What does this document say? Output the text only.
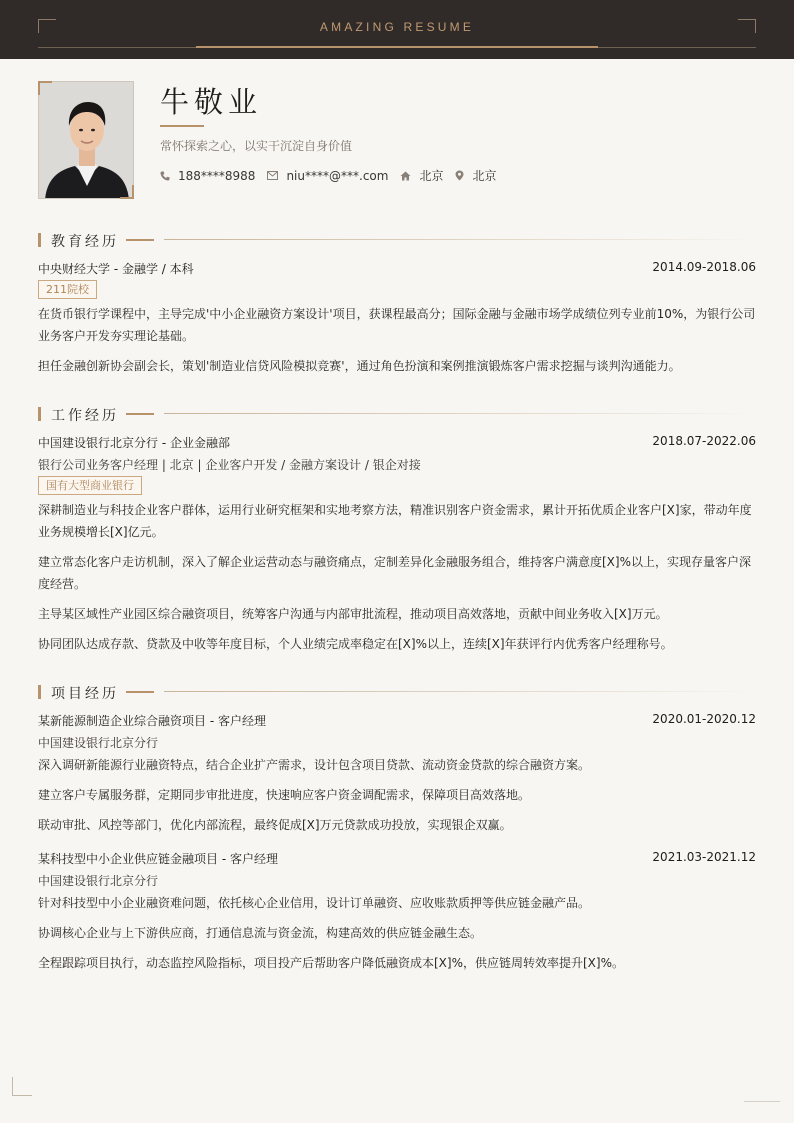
AMAZING RESUME
牛敬业
常怀探索之心，以实干沉淀自身价值
188****8988	niu****@***.com	北京 北京
教育经历
中央财经大学 - 金融学 / 本科	2014.09-2018.06
211院校
在货币银行学课程中，主导完成'中小企业融资方案设计'项目，获课程最高分；国际金融与金融市场学成绩位列专业前10%，为银行公司业务客户开发夯实理论基础。
担任金融创新协会副会长，策划'制造业信贷风险模拟竞赛'，通过角色扮演和案例推演锻炼客户需求挖掘与谈判沟通能力。
工作经历
中国建设银行北京分行 - 企业金融部	2018.07-2022.06
银行公司业务客户经理 | 北京 | 企业客户开发 / 金融方案设计 / 银企对接
国有大型商业银行
深耕制造业与科技企业客户群体，运用行业研究框架和实地考察方法，精准识别客户资金需求，累计开拓优质企业客户[X]家，带动年度业务规模增长[X]亿元。
建立常态化客户走访机制，深入了解企业运营动态与融资痛点，定制差异化金融服务组合，维持客户满意度[X]%以上，实现存量客户深度经营。
主导某区域性产业园区综合融资项目，统筹客户沟通与内部审批流程，推动项目高效落地，贡献中间业务收入[X]万元。
协同团队达成存款、贷款及中收等年度目标，个人业绩完成率稳定在[X]%以上，连续[X]年获评行内优秀客户经理称号。
项目经历
某新能源制造企业综合融资项目 - 客户经理	2020.01-2020.12
中国建设银行北京分行
深入调研新能源行业融资特点，结合企业扩产需求，设计包含项目贷款、流动资金贷款的综合融资方案。
建立客户专属服务群，定期同步审批进度，快速响应客户资金调配需求，保障项目高效落地。
联动审批、风控等部门，优化内部流程，最终促成[X]万元贷款成功投放，实现银企双赢。
某科技型中小企业供应链金融项目 - 客户经理	2021.03-2021.12
中国建设银行北京分行
针对科技型中小企业融资难问题，依托核心企业信用，设计订单融资、应收账款质押等供应链金融产品。
协调核心企业与上下游供应商，打通信息流与资金流，构建高效的供应链金融生态。
全程跟踪项目执行，动态监控风险指标，项目投产后帮助客户降低融资成本[X]%，供应链周转效率提升[X]%。
